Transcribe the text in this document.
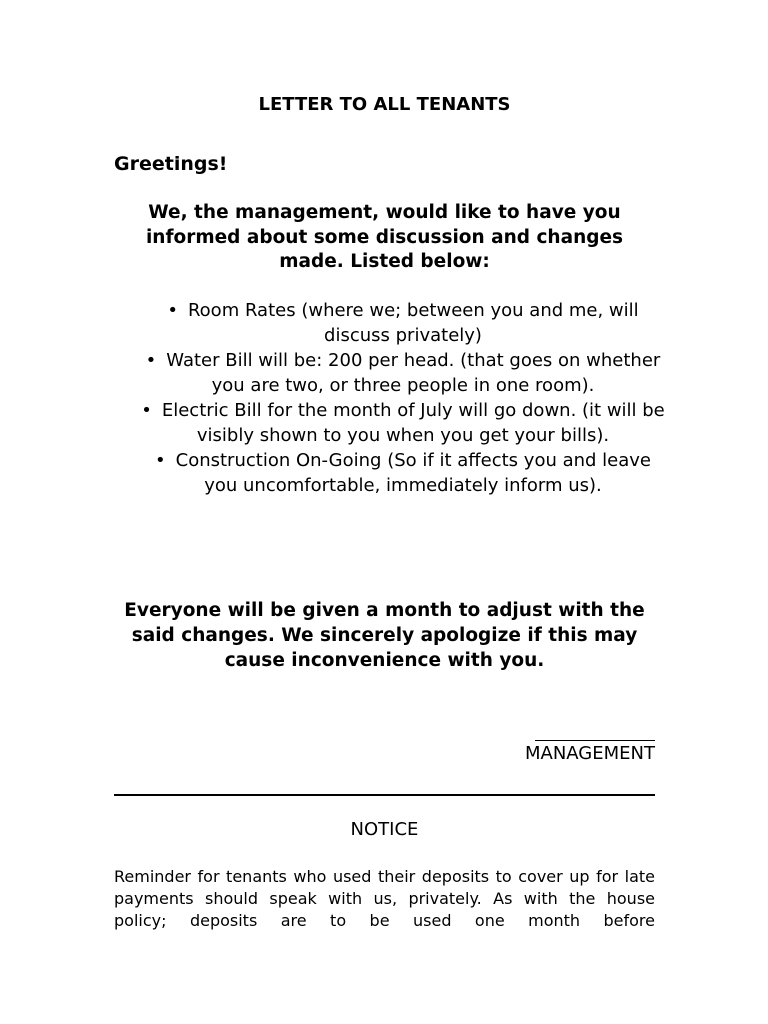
LETTER TO ALL TENANTS
Greetings!
We, the management, would like to have you informed about some discussion and changes made. Listed below:
• Room Rates (where we; between you and me, will discuss privately)
• Water Bill will be: 200 per head. (that goes on whether you are two, or three people in one room).
• Electric Bill for the month of July will go down. (it will be visibly shown to you when you get your bills).
• Construction On-Going (So if it affects you and leave you uncomfortable, immediately inform us).
Everyone will be given a month to adjust with the said changes. We sincerely apologize if this may cause inconvenience with you.
MANAGEMENT
NOTICE
Reminder for tenants who used their deposits to cover up for late payments should speak with us, privately. As with the house policy; deposits are to be used one month before
